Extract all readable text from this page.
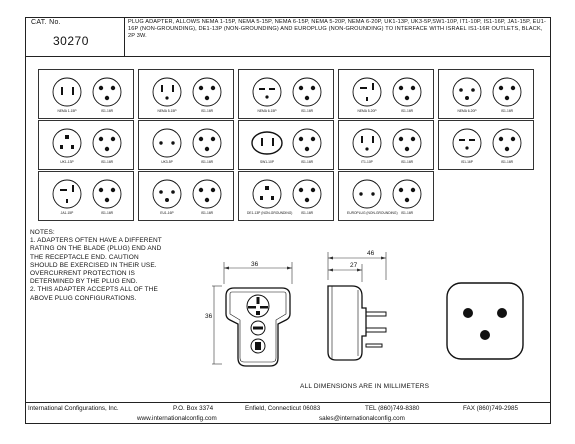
CAT. No.
30270
PLUG ADAPTER, ALLOWS NEMA 1-15P, NEMA 5-15P, NEMA 6-15P, NEMA 5-20P, NEMA 6-20P, UK1-13P, UK3-5P,SW1-10P, IT1-10P, IS1-16P, JA1-15P, EU1-16P (NON-GROUNDING), DE1-13P (NON-GROUNDING) AND EUROPLUG (NON-GROUNDING) TO INTERFACE WITH ISRAEL IS1-16R OUTLETS, BLACK, 2P 3W.
NEMA 1-15P	IS1-16R	NEMA 5-15P	IS1-16R	NEMA 6-15P	IS1-16R	NEMA 5-20P	IS1-16R	NEMA 6-20P	IS1-16R
UK1-13P	IS1-16R	UK3-5P	IS1-16R	SW1-10P	IS1-16R	IT1-10P	IS1-16R	IS1-16P	IS1-16R
JA1-15P	IS1-16R	EU1-16P	IS1-16R	DE1-13P (NON-GROUNDING)	IS1-16R	EUROPLUG (NON-GROUNDING)	IS1-16R
NOTES:
1. ADAPTERS OFTEN HAVE A DIFFERENT
RATING ON THE BLADE (PLUG) END AND
THE RECEPTACLE END. CAUTION
SHOULD BE EXERCISED IN THEIR USE.
OVERCURRENT PROTECTION IS
DETERMINED BY THE PLUG END.
2. THIS ADAPTER ACCEPTS ALL OF THE
ABOVE PLUG CONFIGURATIONS.
36
36
46
27
ALL DIMENSIONS ARE IN MILLIMETERS
International Configurations, Inc.	P.O. Box 3374	Enfield, Connecticut 06083	TEL (860)749-8380	FAX (860)749-2985
www.internationalconfig.com	sales@internationalconfig.com
